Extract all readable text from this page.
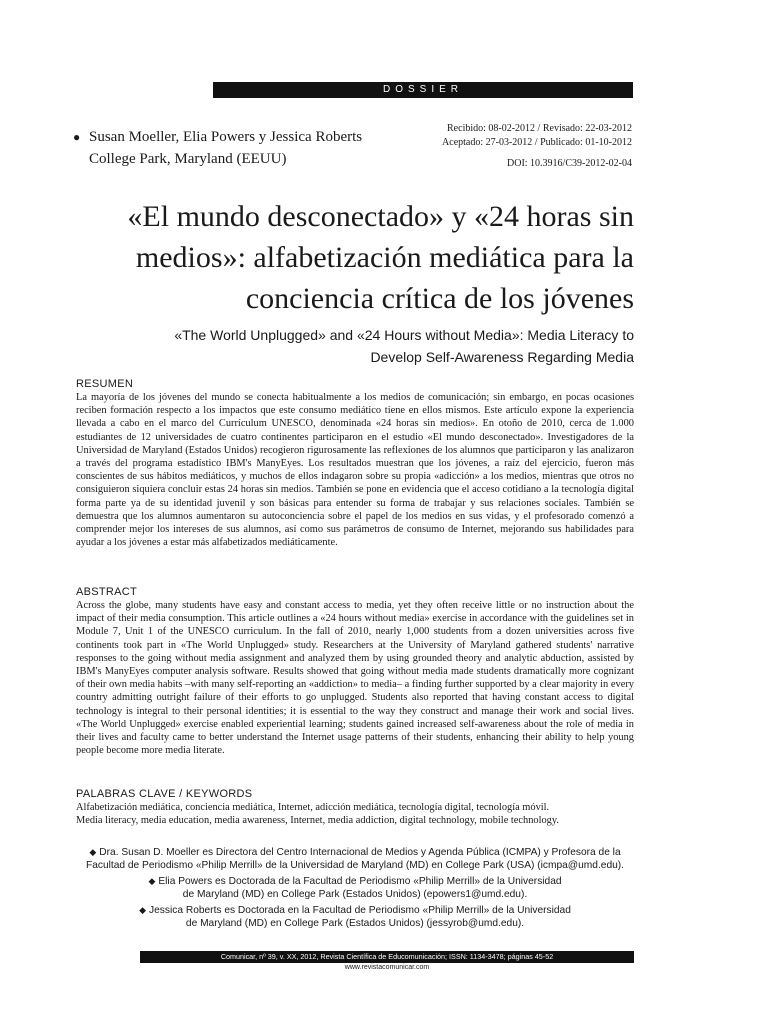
DOSSIER
● Susan Moeller, Elia Powers y Jessica Roberts
College Park, Maryland (EEUU)
Recibido: 08-02-2012 / Revisado: 22-03-2012
Aceptado: 27-03-2012 / Publicado: 01-10-2012
DOI: 10.3916/C39-2012-02-04
«El mundo desconectado» y «24 horas sin
medios»: alfabetización mediática para la
conciencia crítica de los jóvenes
«The World Unplugged» and «24 Hours without Media»: Media Literacy to
Develop Self-Awareness Regarding Media
RESUMEN

La mayoría de los jóvenes del mundo se conecta habitualmente a los medios de comunicación; sin embargo, en pocas ocasiones reciben formación respecto a los impactos que este consumo mediático tiene en ellos mismos. Este artículo expone la experiencia llevada a cabo en el marco del Currículum UNESCO, denominada «24 horas sin medios». En otoño de 2010, cerca de 1.000 estudiantes de 12 universidades de cuatro continentes participaron en el estudio «El mundo desconectado». Investigadores de la Universidad de Maryland (Estados Unidos) recogieron rigurosamente las reflexiones de los alumnos que participaron y las analizaron a través del programa estadístico IBM's ManyEyes. Los resultados muestran que los jóvenes, a raíz del ejercicio, fueron más conscientes de sus hábitos mediáticos, y muchos de ellos indagaron sobre su propia «adicción» a los medios, mientras que otros no consiguieron siquiera concluir estas 24 horas sin medios. También se pone en evidencia que el acceso cotidiano a la tecnología digital forma parte ya de su identidad juvenil y son básicas para entender su forma de trabajar y sus relaciones sociales. También se demuestra que los alumnos aumentaron su autoconciencia sobre el papel de los medios en sus vidas, y el profesorado comenzó a comprender mejor los intereses de sus alumnos, así como sus parámetros de consumo de Internet, mejorando sus habilidades para ayudar a los jóvenes a estar más alfabetizados mediáticamente.

ABSTRACT

Across the globe, many students have easy and constant access to media, yet they often receive little or no instruction about the impact of their media consumption. This article outlines a «24 hours without media» exercise in accordance with the guidelines set in Module 7, Unit 1 of the UNESCO curriculum. In the fall of 2010, nearly 1,000 students from a dozen universities across five continents took part in «The World Unplugged» study. Researchers at the University of Maryland gathered students' narrative responses to the going without media assignment and analyzed them by using grounded theory and analytic abduction, assisted by IBM's ManyEyes computer analysis software. Results showed that going without media made students dramatically more cognizant of their own media habits –with many self-reporting an «addiction» to media– a finding further supported by a clear majority in every country admitting outright failure of their efforts to go unplugged. Students also reported that having constant access to digital technology is integral to their personal identities; it is essential to the way they construct and manage their work and social lives. «The World Unplugged» exercise enabled experiential learning; students gained increased self-awareness about the role of media in their lives and faculty came to better understand the Internet usage patterns of their students, enhancing their ability to help young people become more media literate.

PALABRAS CLAVE / KEYWORDS

Alfabetización mediática, conciencia mediática, Internet, adicción mediática, tecnología digital, tecnología móvil.

Media literacy, media education, media awareness, Internet, media addiction, digital technology, mobile technology.

◆ Dra. Susan D. Moeller es Directora del Centro Internacional de Medios y Agenda Pública (ICMPA) y Profesora de la
Facultad de Periodismo «Philip Merrill» de la Universidad de Maryland (MD) en College Park (USA) (icmpa@umd.edu).
◆ Elia Powers es Doctorada de la Facultad de Periodismo «Philip Merrill» de la Universidad
de Maryland (MD) en College Park (Estados Unidos) (epowers1@umd.edu).
◆ Jessica Roberts es Doctorada en la Facultad de Periodismo «Philip Merrill» de la Universidad
de Maryland (MD) en College Park (Estados Unidos) (jessyrob@umd.edu).
Comunicar, nº 39, v. XX, 2012, Revista Científica de Educomunicación; ISSN: 1134-3478; páginas 45-52
www.revistacomunicar.com
